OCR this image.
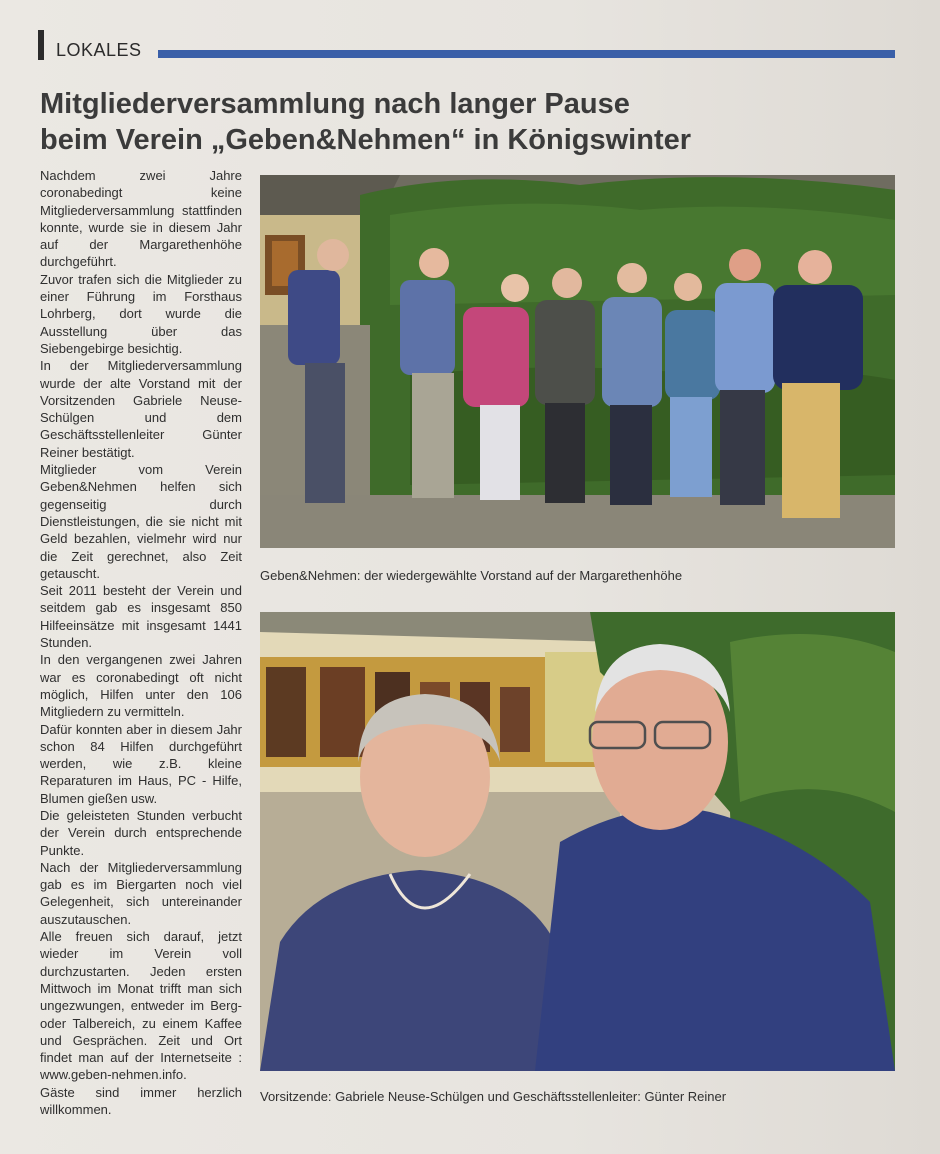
LOKALES
Mitgliederversammlung nach langer Pause
beim Verein „Geben&Nehmen“ in Königswinter

Nachdem zwei Jahre coronabedingt keine Mitgliederversammlung stattfinden konnte, wurde sie in diesem Jahr auf der Margarethenhöhe durchgeführt.

Zuvor trafen sich die Mitglieder zu einer Führung im Forsthaus Lohrberg, dort wurde die Ausstellung über das Siebengebirge besichtig.

In der Mitgliederversammlung wurde der alte Vorstand mit der Vorsitzenden Gabriele Neuse-Schülgen und dem Geschäftsstellenleiter Günter Reiner bestätigt.

Mitglieder vom Verein Geben&Nehmen helfen sich gegenseitig durch Dienstleistungen, die sie nicht mit Geld bezahlen, vielmehr wird nur die Zeit gerechnet, also Zeit getauscht.

Seit 2011 besteht der Verein und seitdem gab es insgesamt 850 Hilfeeinsätze mit insgesamt 1441 Stunden.

In den vergangenen zwei Jahren war es coronabedingt oft nicht möglich, Hilfen unter den 106 Mitgliedern zu vermitteln.

Dafür konnten aber in diesem Jahr schon 84 Hilfen durchgeführt werden, wie z.B. kleine Reparaturen im Haus, PC - Hilfe, Blumen gießen usw.

Die geleisteten Stunden verbucht der Verein durch entsprechende Punkte.

Nach der Mitgliederversammlung gab es im Biergarten noch viel Gelegenheit, sich untereinander auszutauschen.

Alle freuen sich darauf, jetzt wieder im Verein voll durchzustarten. Jeden ersten Mittwoch im Monat trifft man sich ungezwungen, entweder im Berg- oder Talbereich, zu einem Kaffee und Gesprächen. Zeit und Ort findet man auf der Internetseite : www.geben-nehmen.info.

Gäste sind immer herzlich willkommen.

Geben&Nehmen: der wiedergewählte Vorstand auf der Margarethenhöhe
Vorsitzende: Gabriele Neuse-Schülgen und Geschäftsstellenleiter: Günter Reiner
